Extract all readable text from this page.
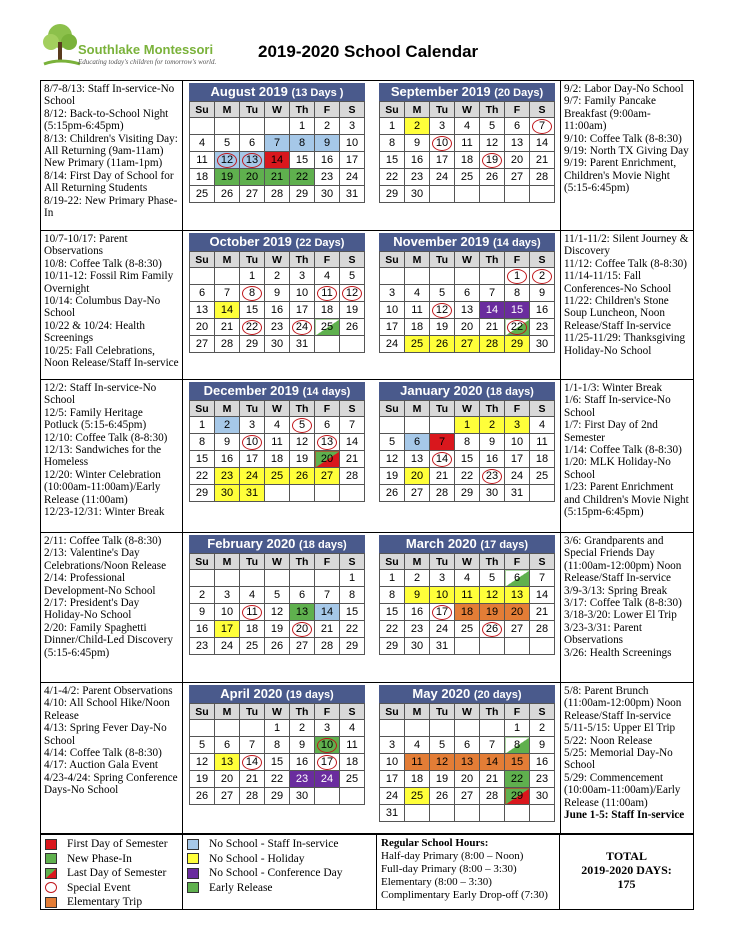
Southlake Montessori
Educating today's children for tomorrow's world.
2019-2020 School Calendar
8/7-8/13: Staff In-service-No School
8/12: Back-to-School Night (5:15pm-6:45pm)
8/13: Children's Visiting Day: All Returning (9am-11am) New Primary (11am-1pm)
8/14: First Day of School for All Returning Students
8/19-22: New Primary Phase-In
9/2: Labor Day-No School
9/7: Family Pancake Breakfast (9:00am-11:00am)
9/10: Coffee Talk (8-8:30)
9/19: North TX Giving Day
9/19: Parent Enrichment, Children's Movie Night (5:15-6:45pm)
August 2019 (13 Days )
Su	M	Tu	W	Th	F	S
				1	2	3
4	5	6	7	8	9	10
11	12	13	14	15	16	17
18	19	20	21	22	23	24
25	26	27	28	29	30	31
September 2019 (20 Days)
Su	M	Tu	W	Th	F	S
1	2	3	4	5	6	7
8	9	10	11	12	13	14
15	16	17	18	19	20	21
22	23	24	25	26	27	28
29	30					
10/7-10/17: Parent Observations
10/8: Coffee Talk (8-8:30)
10/11-12: Fossil Rim Family Overnight
10/14: Columbus Day-No School
10/22 & 10/24: Health Screenings
10/25: Fall Celebrations, Noon Release/Staff In-service
11/1-11/2: Silent Journey & Discovery
11/12: Coffee Talk (8-8:30)
11/14-11/15: Fall Conferences-No School
11/22: Children's Stone Soup Luncheon, Noon Release/Staff In-service
11/25-11/29: Thanksgiving Holiday-No School
October 2019 (22 Days)
Su	M	Tu	W	Th	F	S
		1	2	3	4	5
6	7	8	9	10	11	12
13	14	15	16	17	18	19
20	21	22	23	24	25	26
27	28	29	30	31		
November 2019 (14 days)
Su	M	Tu	W	Th	F	S
					1	2
3	4	5	6	7	8	9
10	11	12	13	14	15	16
17	18	19	20	21	22	23
24	25	26	27	28	29	30
12/2: Staff In-service-No School
12/5: Family Heritage Potluck (5:15-6:45pm)
12/10: Coffee Talk (8-8:30)
12/13: Sandwiches for the Homeless
12/20: Winter Celebration (10:00am-11:00am)/Early Release (11:00am)
12/23-12/31: Winter Break
1/1-1/3: Winter Break
1/6: Staff In-service-No School
1/7: First Day of 2nd Semester
1/14: Coffee Talk (8-8:30)
1/20: MLK Holiday-No School
1/23: Parent Enrichment and Children's Movie Night (5:15pm-6:45pm)
December 2019 (14 days)
Su	M	Tu	W	Th	F	S
1	2	3	4	5	6	7
8	9	10	11	12	13	14
15	16	17	18	19	20	21
22	23	24	25	26	27	28
29	30	31				
January 2020 (18 days)
Su	M	Tu	W	Th	F	S
			1	2	3	4
5	6	7	8	9	10	11
12	13	14	15	16	17	18
19	20	21	22	23	24	25
26	27	28	29	30	31	
2/11: Coffee Talk (8-8:30)
2/13: Valentine's Day Celebrations/Noon Release
2/14: Professional Development-No School
2/17: President's Day Holiday-No School
2/20: Family Spaghetti Dinner/Child-Led Discovery (5:15-6:45pm)
3/6: Grandparents and Special Friends Day (11:00am-12:00pm) Noon Release/Staff In-service
3/9-3/13: Spring Break
3/17: Coffee Talk (8-8:30)
3/18-3/20: Lower El Trip
3/23-3/31: Parent Observations
3/26: Health Screenings
February 2020 (18 days)
Su	M	Tu	W	Th	F	S
						1
2	3	4	5	6	7	8
9	10	11	12	13	14	15
16	17	18	19	20	21	22
23	24	25	26	27	28	29
March 2020 (17 days)
Su	M	Tu	W	Th	F	S
1	2	3	4	5	6	7
8	9	10	11	12	13	14
15	16	17	18	19	20	21
22	23	24	25	26	27	28
29	30	31				
4/1-4/2: Parent Observations
4/10: All School Hike/Noon Release
4/13: Spring Fever Day-No School
4/14: Coffee Talk (8-8:30)
4/17: Auction Gala Event
4/23-4/24: Spring Conference Days-No School
5/8: Parent Brunch (11:00am-12:00pm) Noon Release/Staff In-service
5/11-5/15: Upper El Trip
5/22: Noon Release
5/25: Memorial Day-No School
5/29: Commencement (10:00am-11:00am)/Early Release (11:00am)
June 1-5: Staff In-service
April 2020 (19 days)
Su	M	Tu	W	Th	F	S
			1	2	3	4
5	6	7	8	9	10	11
12	13	14	15	16	17	18
19	20	21	22	23	24	25
26	27	28	29	30		
May 2020 (20 days)
Su	M	Tu	W	Th	F	S
					1	2
3	4	5	6	7	8	9
10	11	12	13	14	15	16
17	18	19	20	21	22	23
24	25	26	27	28	29	30
31						
First Day of Semester
New Phase-In
Last Day of Semester
Special Event
Elementary Trip
No School - Staff In-service
No School - Holiday
No School - Conference Day
Early Release
Regular School Hours:
Half-day Primary (8:00 – Noon)
Full-day Primary (8:00 – 3:30)
Elementary (8:00 – 3:30)
Complimentary Early Drop-off (7:30)
TOTAL
2019-2020 DAYS:
175
